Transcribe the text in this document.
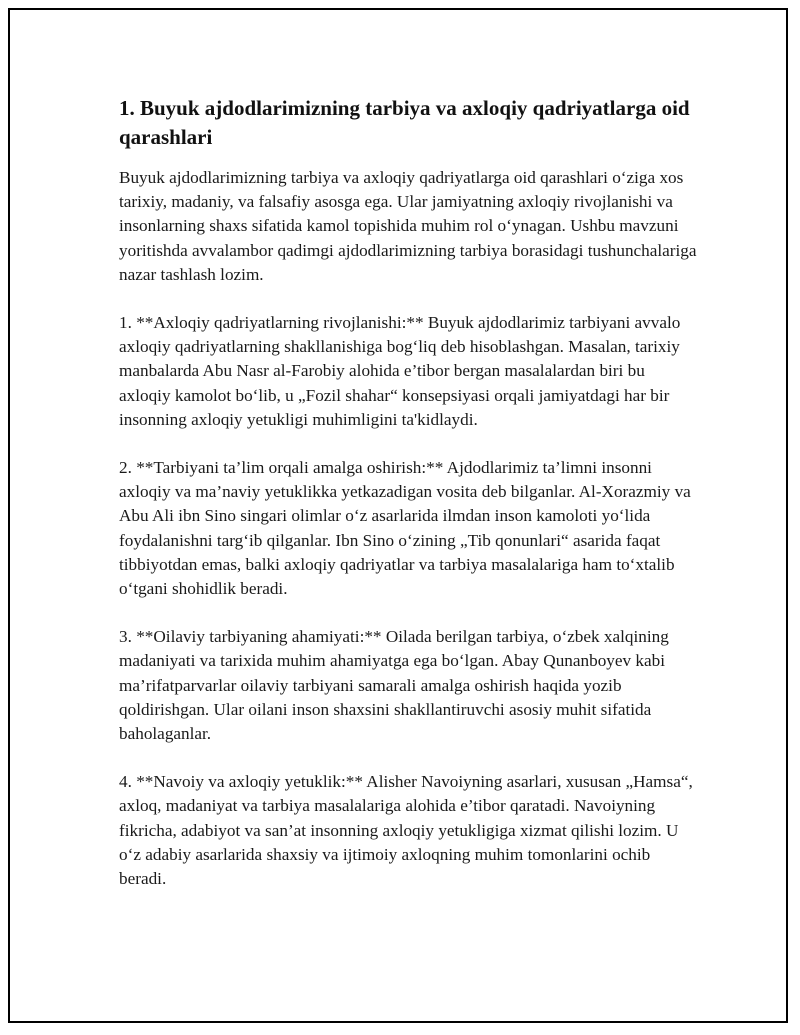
1. Buyuk ajdodlarimizning tarbiya va axloqiy qadriyatlarga oid qarashlari

Buyuk ajdodlarimizning tarbiya va axloqiy qadriyatlarga oid qarashlari o‘ziga xos tarixiy, madaniy, va falsafiy asosga ega. Ular jamiyatning axloqiy rivojlanishi va insonlarning shaxs sifatida kamol topishida muhim rol o‘ynagan. Ushbu mavzuni yoritishda avvalambor qadimgi ajdodlarimizning tarbiya borasidagi tushunchalariga nazar tashlash lozim.

1. **Axloqiy qadriyatlarning rivojlanishi:** Buyuk ajdodlarimiz tarbiyani avvalo axloqiy qadriyatlarning shakllanishiga bog‘liq deb hisoblashgan. Masalan, tarixiy manbalarda Abu Nasr al-Farobiy alohida e’tibor bergan masalalardan biri bu axloqiy kamolot bo‘lib, u „Fozil shahar“ konsepsiyasi orqali jamiyatdagi har bir insonning axloqiy yetukligi muhimligini ta'kidlaydi.

2. **Tarbiyani ta’lim orqali amalga oshirish:** Ajdodlarimiz ta’limni insonni axloqiy va ma’naviy yetuklikka yetkazadigan vosita deb bilganlar. Al-Xorazmiy va Abu Ali ibn Sino singari olimlar o‘z asarlarida ilmdan inson kamoloti yo‘lida foydalanishni targ‘ib qilganlar. Ibn Sino o‘zining „Tib qonunlari“ asarida faqat tibbiyotdan emas, balki axloqiy qadriyatlar va tarbiya masalalariga ham to‘xtalib o‘tgani shohidlik beradi.

3. **Oilaviy tarbiyaning ahamiyati:** Oilada berilgan tarbiya, o‘zbek xalqining madaniyati va tarixida muhim ahamiyatga ega bo‘lgan. Abay Qunanboyev kabi ma’rifatparvarlar oilaviy tarbiyani samarali amalga oshirish haqida yozib qoldirishgan. Ular oilani inson shaxsini shakllantiruvchi asosiy muhit sifatida baholaganlar.

4. **Navoiy va axloqiy yetuklik:** Alisher Navoiyning asarlari, xususan „Hamsa“, axloq, madaniyat va tarbiya masalalariga alohida e’tibor qaratadi. Navoiyning fikricha, adabiyot va san’at insonning axloqiy yetukligiga xizmat qilishi lozim. U o‘z adabiy asarlarida shaxsiy va ijtimoiy axloqning muhim tomonlarini ochib beradi.
